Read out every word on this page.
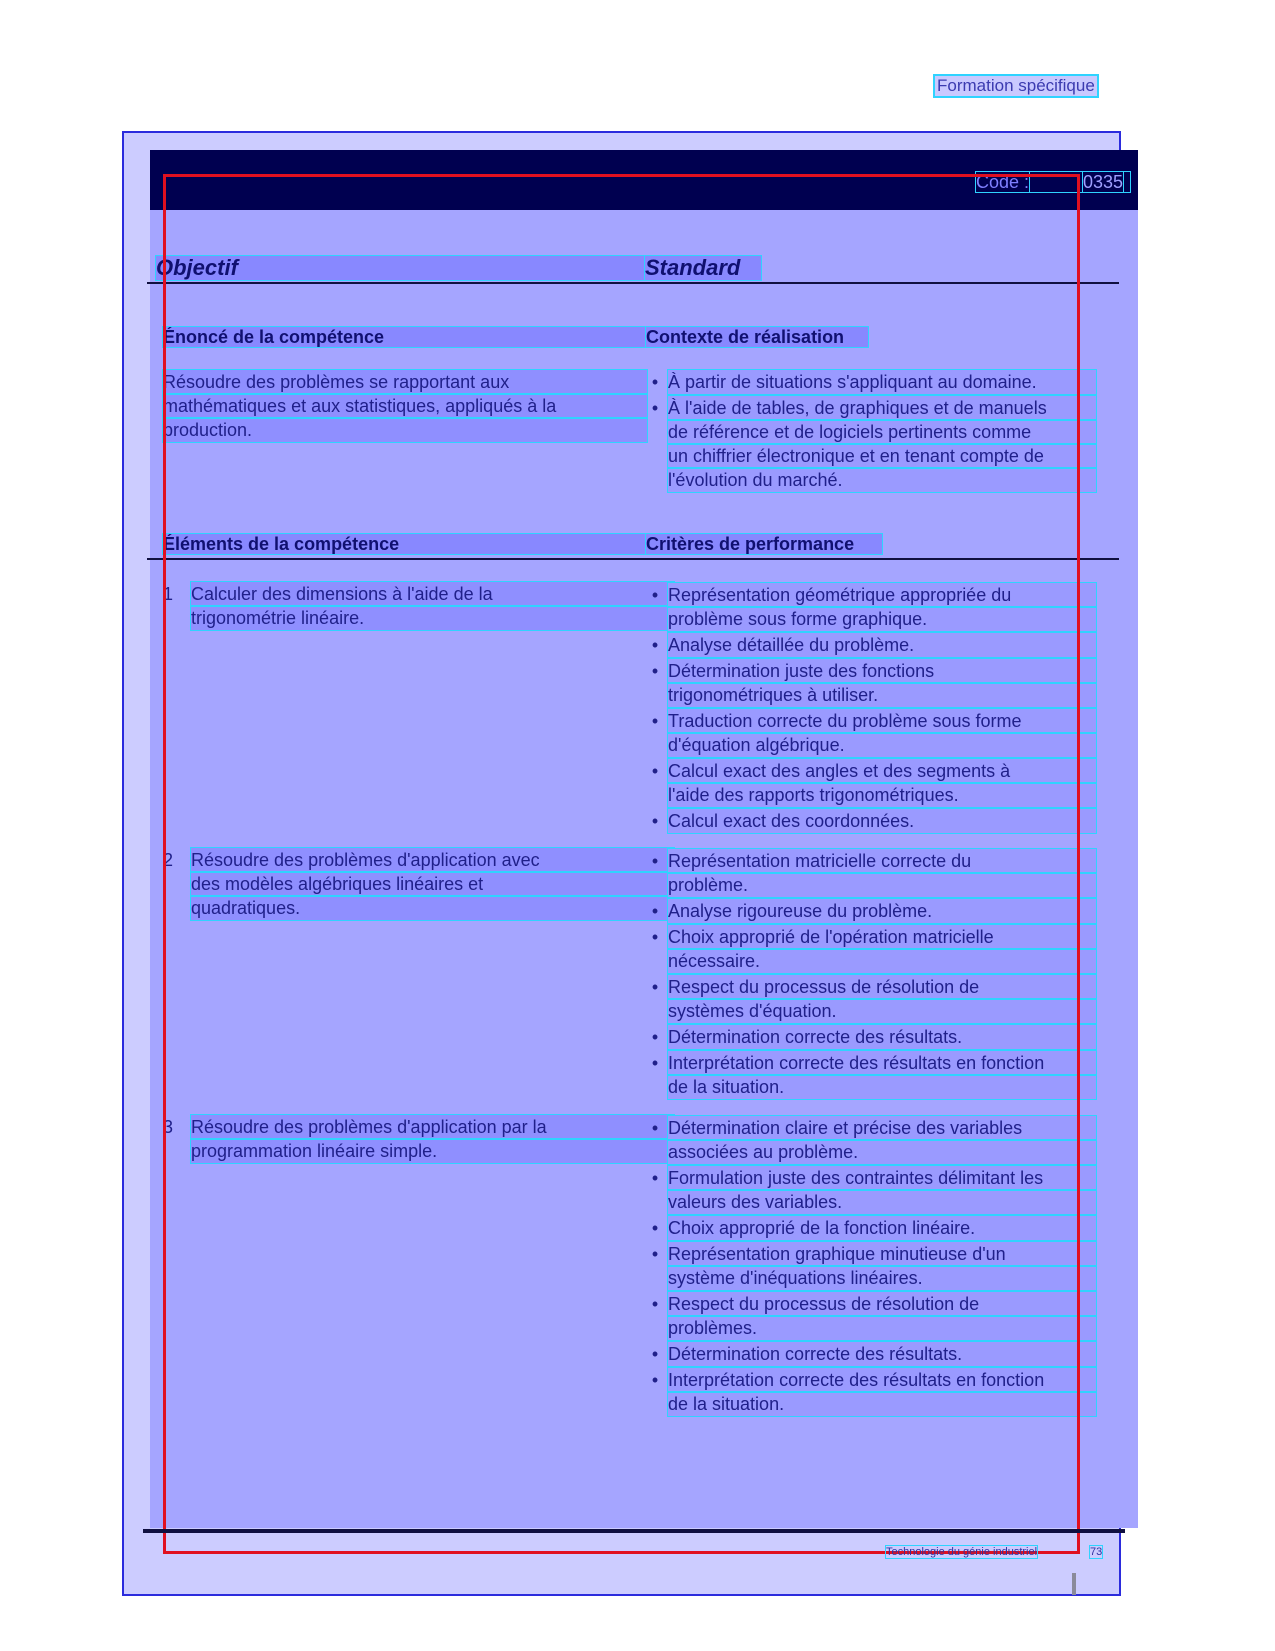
Formation spécifique
Code :	0335
Objectif	Standard
Énoncé de la compétence	Contexte de réalisation
Résoudre des problèmes se rapportant aux
mathématiques et aux statistiques, appliqués à la
production.
• À partir de situations s'appliquant au domaine.
• À l'aide de tables, de graphiques et de manuels
de référence et de logiciels pertinents comme
un chiffrier électronique et en tenant compte de
l'évolution du marché.
Éléments de la compétence	Critères de performance
1 Calculer des dimensions à l'aide de la
trigonométrie linéaire.
• Représentation géométrique appropriée du
problème sous forme graphique.
• Analyse détaillée du problème.
• Détermination juste des fonctions
trigonométriques à utiliser.
• Traduction correcte du problème sous forme
d'équation algébrique.
• Calcul exact des angles et des segments à
l'aide des rapports trigonométriques.
• Calcul exact des coordonnées.
2 Résoudre des problèmes d'application avec
des modèles algébriques linéaires et
quadratiques.
• Représentation matricielle correcte du
problème.
• Analyse rigoureuse du problème.
• Choix approprié de l'opération matricielle
nécessaire.
• Respect du processus de résolution de
systèmes d'équation.
• Détermination correcte des résultats.
• Interprétation correcte des résultats en fonction
de la situation.
3 Résoudre des problèmes d'application par la
programmation linéaire simple.
• Détermination claire et précise des variables
associées au problème.
• Formulation juste des contraintes délimitant les
valeurs des variables.
• Choix approprié de la fonction linéaire.
• Représentation graphique minutieuse d'un
système d'inéquations linéaires.
• Respect du processus de résolution de
problèmes.
• Détermination correcte des résultats.
• Interprétation correcte des résultats en fonction
de la situation.
Technologie du génie industriel	73
